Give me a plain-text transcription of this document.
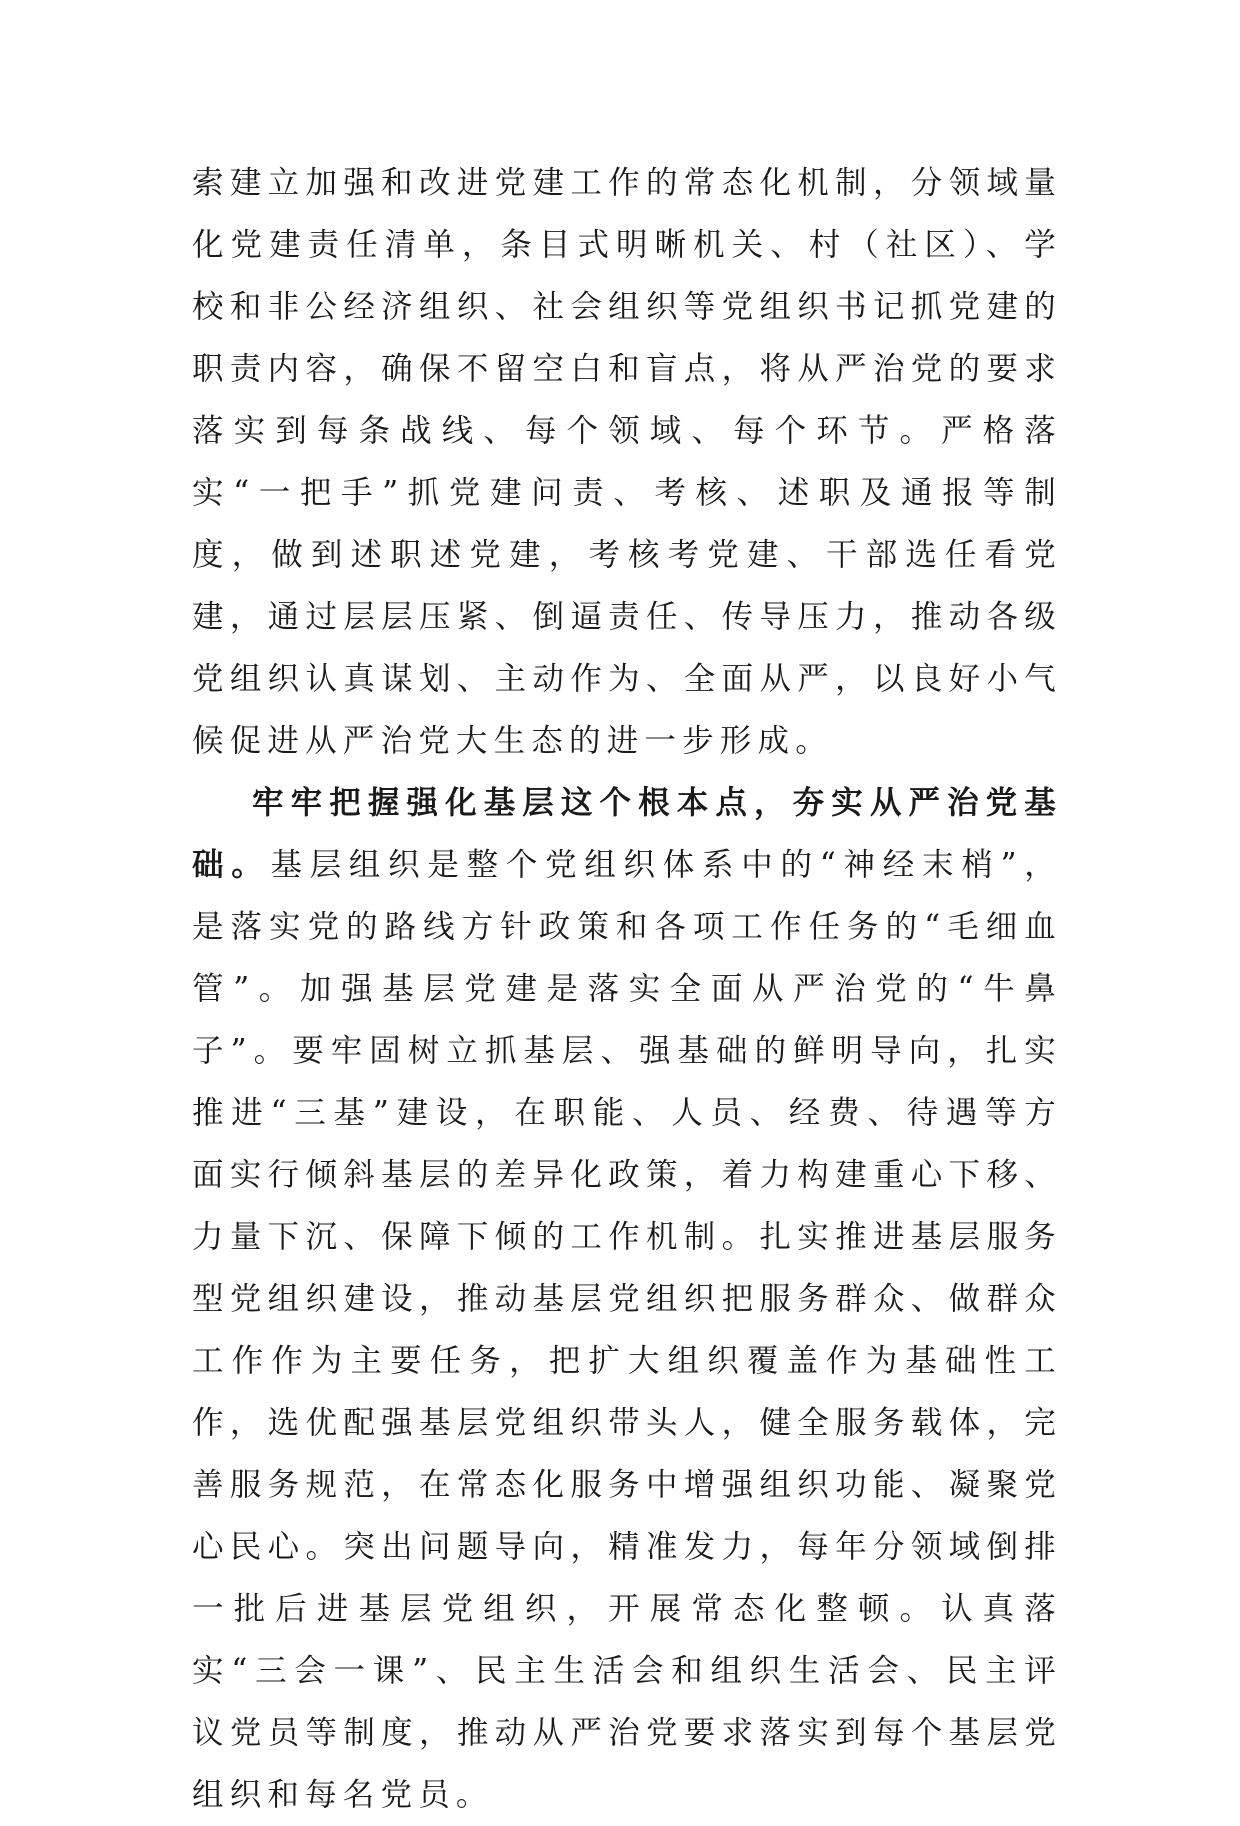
索建立加强和改进党建工作的常态化机制，分领域量化党建责任清单，条目式明晰机关、村（社区）、学校和非公经济组织、社会组织等党组织书记抓党建的职责内容，确保不留空白和盲点，将从严治党的要求落实到每条战线、每个领域、每个环节。严格落实“一把手”抓党建问责、考核、述职及通报等制度，做到述职述党建，考核考党建、干部选任看党建，通过层层压紧、倒逼责任、传导压力，推动各级党组织认真谋划、主动作为、全面从严，以良好小气候促进从严治党大生态的进一步形成。

牢牢把握强化基层这个根本点，夯实从严治党基础。基层组织是整个党组织体系中的“神经末梢”，是落实党的路线方针政策和各项工作任务的“毛细血管”。加强基层党建是落实全面从严治党的“牛鼻子”。要牢固树立抓基层、强基础的鲜明导向，扎实推进“三基”建设，在职能、人员、经费、待遇等方面实行倾斜基层的差异化政策，着力构建重心下移、力量下沉、保障下倾的工作机制。扎实推进基层服务型党组织建设，推动基层党组织把服务群众、做群众工作作为主要任务，把扩大组织覆盖作为基础性工作，选优配强基层党组织带头人，健全服务载体，完善服务规范，在常态化服务中增强组织功能、凝聚党心民心。突出问题导向，精准发力，每年分领域倒排一批后进基层党组织，开展常态化整顿。认真落实“三会一课”、民主生活会和组织生活会、民主评议党员等制度，推动从严治党要求落实到每个基层党组织和每名党员。
